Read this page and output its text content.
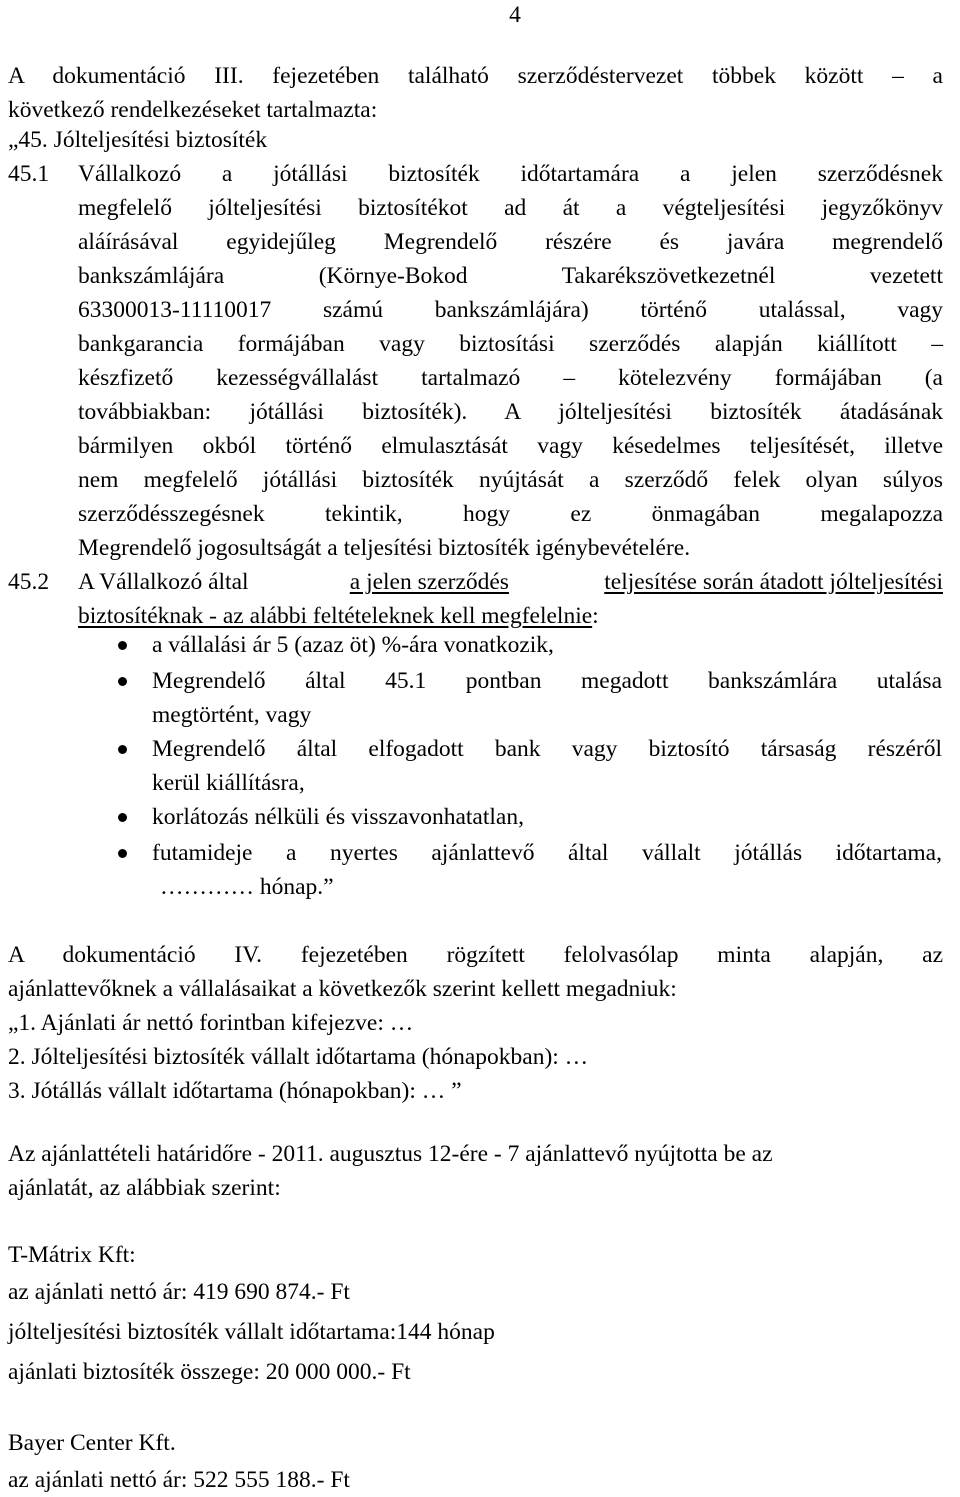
4
A dokumentáció III. fejezetében található szerződéstervezet többek között – a
következő rendelkezéseket tartalmazta:
„45. Jólteljesítési biztosíték
45.1	Vállalkozó a jótállási biztosíték időtartamára a jelen szerződésnek
megfelelő jólteljesítési biztosítékot ad át a végteljesítési jegyzőkönyv
aláírásával egyidejűleg Megrendelő részére és javára megrendelő
bankszámlájára (Környe-Bokod Takarékszövetkezetnél vezetett
63300013-11110017 számú bankszámlájára) történő utalással, vagy
bankgarancia formájában vagy biztosítási szerződés alapján kiállított –
készfizető kezességvállalást tartalmazó – kötelezvény formájában (a
továbbiakban: jótállási biztosíték). A jólteljesítési biztosíték átadásának
bármilyen okból történő elmulasztását vagy késedelmes teljesítését, illetve
nem megfelelő jótállási biztosíték nyújtását a szerződő felek olyan súlyos
szerződésszegésnek tekintik, hogy ez önmagában megalapozza
Megrendelő jogosultságát a teljesítési biztosíték igénybevételére.
45.2	A Vállalkozó által	a jelen szerződés	teljesítése során átadott jólteljesítési
biztosítéknak - az alábbi feltételeknek kell megfelelnie:
a vállalási ár 5 (azaz öt) %-ára vonatkozik,
Megrendelő által 45.1 pontban megadott bankszámlára utalása
megtörtént, vagy
Megrendelő által elfogadott bank vagy biztosító társaság részéről
kerül kiállításra,
korlátozás nélküli és visszavonhatatlan,
futamideje a nyertes ajánlattevő által vállalt jótállás időtartama,
………… hónap.”
A dokumentáció IV. fejezetében rögzített felolvasólap minta alapján, az
ajánlattevőknek a vállalásaikat a következők szerint kellett megadniuk:
„1. Ajánlati ár nettó forintban kifejezve: …
2. Jólteljesítési biztosíték vállalt időtartama (hónapokban): …
3. Jótállás vállalt időtartama (hónapokban): … ”
Az ajánlattételi határidőre - 2011. augusztus 12-ére - 7 ajánlattevő nyújtotta be az
ajánlatát, az alábbiak szerint:
T-Mátrix Kft:
az ajánlati nettó ár: 419 690 874.- Ft
jólteljesítési biztosíték vállalt időtartama:144 hónap
ajánlati biztosíték összege: 20 000 000.- Ft
Bayer Center Kft.
az ajánlati nettó ár: 522 555 188.- Ft
